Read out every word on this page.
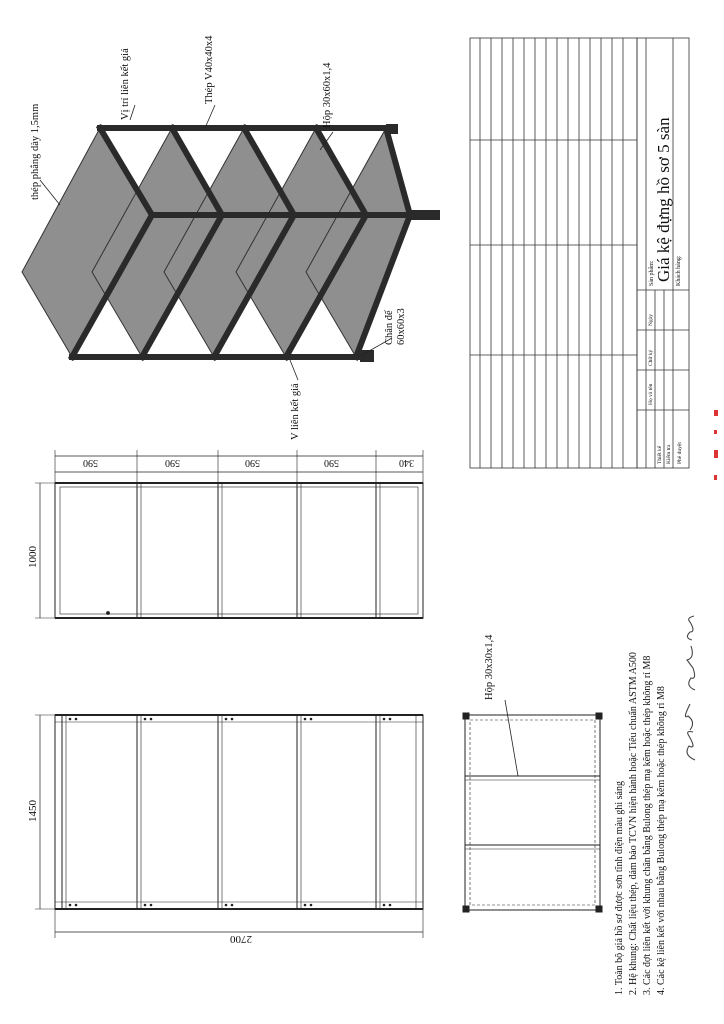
thép phẳng dày 1,5mm
Vị trí liên kết giá	Thép V40x40x4	Hộp 30x60x1,4
Chân đế 60x60x3
V liên kết giá
1000
590	590	590	590	340
1450
2700
Hộp 30x30x1,4
1. Toàn bộ giá hồ sơ được sơn tĩnh điện màu ghi sáng 2. Hệ khung: Chất liệu thép, đảm bảo TCVN hiện hành hoặc Tiêu chuẩn ASTM A500 3. Các đợt liên kết với khung chân bằng Bulong thép mạ kẽm hoặc thép không rỉ M8 4. Các kệ liên kết với nhau bằng Bulong thép mạ kẽm hoặc thép không rỉ M8
Giá kệ đựng hồ sơ 5 sàn
Sản phẩm:	Khách hàng:
Họ và tên
Chữ ký
Ngày
Thiết kế Kiểm tra Phê duyệt
